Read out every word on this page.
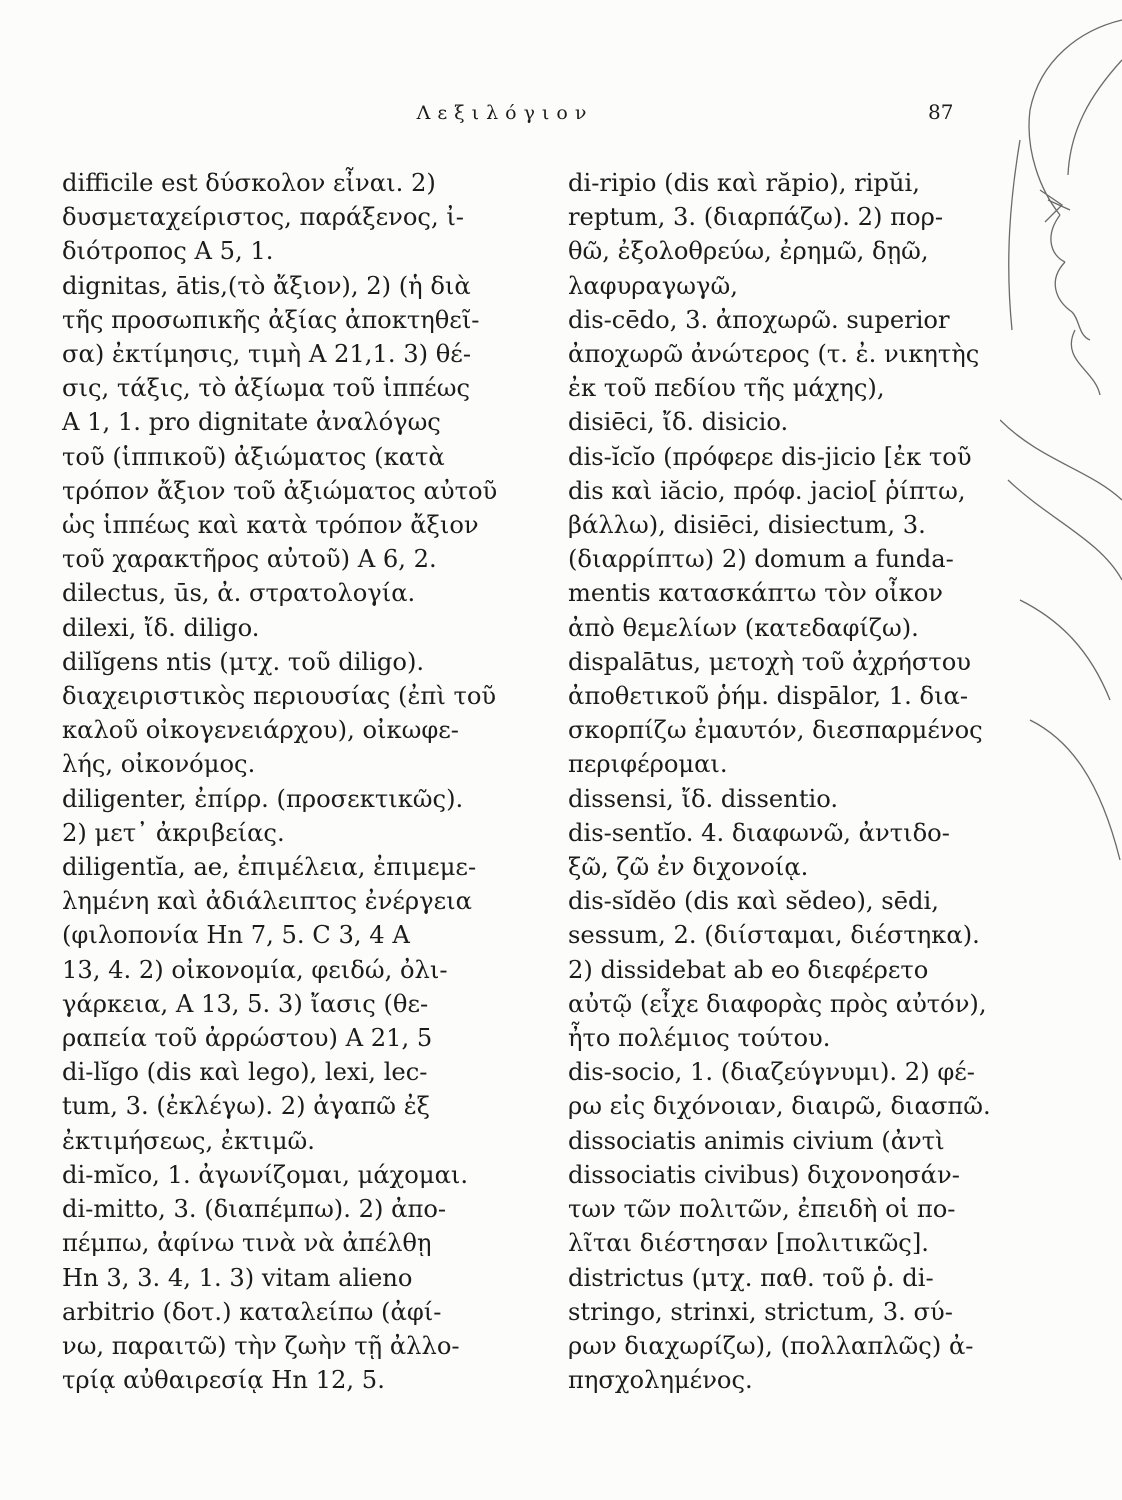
Λεξιλόγιον	87
difficile est δύσκολον εἶναι. 2)
δυσμεταχείριστος, παράξενος, ἰ-
διότροπος Α 5, 1.
dignitas, ātis,(τὸ ἄξιον), 2) (ἡ διὰ
τῆς προσωπικῆς ἀξίας ἀποκτηθεῖ-
σα) ἐκτίμησις, τιμὴ Α 21,1. 3) θέ-
σις, τάξις, τὸ ἀξίωμα τοῦ ἱππέως
Α 1, 1. pro dignitate ἀναλόγως
τοῦ (ἱππικοῦ) ἀξιώματος (κατὰ
τρόπον ἄξιον τοῦ ἀξιώματος αὐτοῦ
ὡς ἱππέως καὶ κατὰ τρόπον ἄξιον
τοῦ χαρακτῆρος αὐτοῦ) Α 6, 2.
dilectus, ūs, ἀ. στρατολογία.
dilexi, ἴδ. diligo.
dilĭgens ntis (μτχ. τοῦ diligo).
διαχειριστικὸς περιουσίας (ἐπὶ τοῦ
καλοῦ οἰκογενειάρχου), οἰκωφε-
λής, οἰκονόμος.
diligenter, ἐπίρρ. (προσεκτικῶς).
2) μετ᾽ ἀκριβείας.
diligentĭa, ae, ἐπιμέλεια, ἐπιμεμε-
λημένη καὶ ἀδιάλειπτος ἐνέργεια
(φιλοπονία Hn 7, 5. C 3, 4 A
13, 4. 2) οἰκονομία, φειδώ, ὀλι-
γάρκεια, Α 13, 5. 3) ἴασις (θε-
ραπεία τοῦ ἀρρώστου) Α 21, 5
di-lĭgo (dis καὶ lego), lexi, lec-
tum, 3. (ἐκλέγω). 2) ἀγαπῶ ἐξ
ἐκτιμήσεως, ἐκτιμῶ.
di-mĭco, 1. ἀγωνίζομαι, μάχομαι.
di-mitto, 3. (διαπέμπω). 2) ἀπο-
πέμπω, ἀφίνω τινὰ νὰ ἀπέλθῃ
Hn 3, 3. 4, 1. 3) vitam alieno
arbitrio (δοτ.) καταλείπω (ἀφί-
νω, παραιτῶ) τὴν ζωὴν τῇ ἀλλο-
τρίᾳ αὐθαιρεσίᾳ Hn 12, 5.
di-ripio (dis καὶ răpio), ripŭi,
reptum, 3. (διαρπάζω). 2) πορ-
θῶ, ἐξολοθρεύω, ἐρημῶ, δῃῶ,
λαφυραγωγῶ,
dis-cēdo, 3. ἀποχωρῶ. superior
ἀποχωρῶ ἀνώτερος (τ. ἐ. νικητὴς
ἐκ τοῦ πεδίου τῆς μάχης),
disiēci, ἴδ. disicio.
dis-ĭcĭo (πρόφερε dis-jicio [ἐκ τοῦ
dis καὶ iăcio, πρόφ. jacio[ ῥίπτω,
βάλλω), disiēci, disiectum, 3.
(διαρρίπτω) 2) domum a funda-
mentis κατασκάπτω τὸν οἶκον
ἀπὸ θεμελίων (κατεδαφίζω).
dispalātus, μετοχὴ τοῦ ἀχρήστου
ἀποθετικοῦ ῥήμ. dispālor, 1. δια-
σκορπίζω ἐμαυτόν, διεσπαρμένος
περιφέρομαι.
dissensi, ἴδ. dissentio.
dis-sentĭo. 4. διαφωνῶ, ἀντιδο-
ξῶ, ζῶ ἐν διχονοίᾳ.
dis-sĭdĕo (dis καὶ sĕdeo), sēdi,
sessum, 2. (διίσταμαι, διέστηκα).
2) dissidebat ab eo διεφέρετο
αὐτῷ (εἶχε διαφορὰς πρὸς αὐτόν),
ἦτο πολέμιος τούτου.
dis-socio, 1. (διαζεύγνυμι). 2) φέ-
ρω εἰς διχόνοιαν, διαιρῶ, διασπῶ.
dissociatis animis civium (ἀντὶ
dissociatis civibus) διχονοησάν-
των τῶν πολιτῶν, ἐπειδὴ οἱ πο-
λῖται διέστησαν [πολιτικῶς].
districtus (μτχ. παθ. τοῦ ῥ. di-
stringo, strinxi, strictum, 3. σύ-
ρων διαχωρίζω), (πολλαπλῶς) ἀ-
πησχολημένος.
